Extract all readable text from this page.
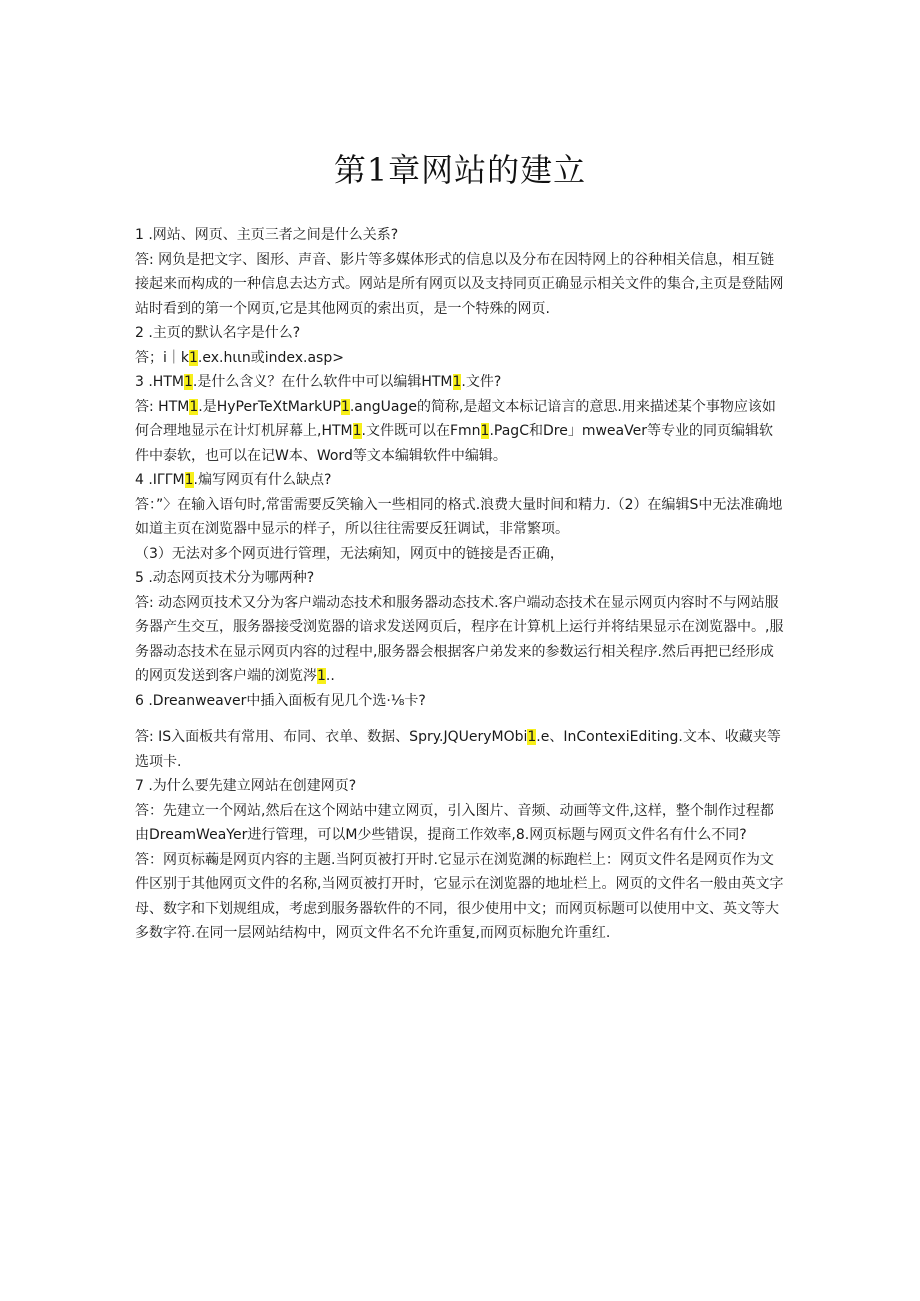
第1章网站的建立
1 .网站、网页、主页三者之间是什么关系?
答: 网负是把文字、图形、声音、影片等多媒体形式的信息以及分布在因特网上的谷种相关信息，相互链接起来而构成的一种信息去达方式。网站是所有网页以及支持同页正确显示相关文件的集合,主页是登陆网站时看到的第一个网页,它是其他网页的索出页，是一个特殊的网页.
2 .主页的默认名字是什么?
答；i｜k1.ex.hιιn或index.asp>
3 .HTM1.是什么含义？在什么软件中可以编辑HTM1.文件?
答: HTM1.是HyPerTeXtMarkUP1.angUage的简称,是超文本标记谙言的意思.用来描述某个事物应该如何合理地显示在计灯机屏幕上,HTM1.文件既可以在Fmn1.PagC和Dre」mweaVer等专业的同页编辑软件中泰软，也可以在记W本、Word等文本编辑软件中编辑。
4 .IΓΓM1.煸写网页有什么缺点?
答：”〉在输入语句时,常雷需要反笑输入一些相同的格式.浪费大量时间和精力.（2）在编辑S中无法准确地如道主页在浏览器中显示的样子，所以往往需要反狂调试，非常繁项。
（3）无法对多个网页进行管理，无法痢知，网页中的链接是否正确，
5 .动态网页技术分为哪两种?
答: 动态网页技术又分为客户端动态技术和服务器动态技术.客户端动态技术在显示网页内容时不与网站服务器产生交互，服务器接受浏览器的谙求发送网页后，程序在计算机上运行并将结果显示在浏览器中。,服务器动态技术在显示网页内容的过程中,服务器会根据客户弟发来的参数运行相关程序.然后再把已经形成的网页发送到客户端的浏览涔1..
6 .Dreanweaver中插入面板有见几个选·⅛卡?
答: IS入面板共有常用、布同、衣单、数据、Spry.JQUeryMObi1.e、InContexiEditing.文本、收藏夹等选项卡.
7 .为什么要先建立网站在创建网页?
答：先建立一个网站,然后在这个网站中建立网页，引入图片、音频、动画等文件,这样，整个制作过程都由DreamWeaYer进行管理，可以M少些错误，提商工作效率,8.网页标题与网页文件名有什么不同?
答：网页标蘜是网页内容的主题.当阿页被打开时.它显示在浏览渊的标跑栏上：网页文件名是网页作为文件区别于其他网页文件的名称,当网页被打开时，它显示在浏览器的地址栏上。网页的文件名一般由英文字母、数字和下划规组成，考虑到服务器软件的不同，很少使用中文；而网页标题可以使用中文、英文等大多数字符.在同一层网站结构中，网页文件名不允许重复,而网页标胞允许重红.
